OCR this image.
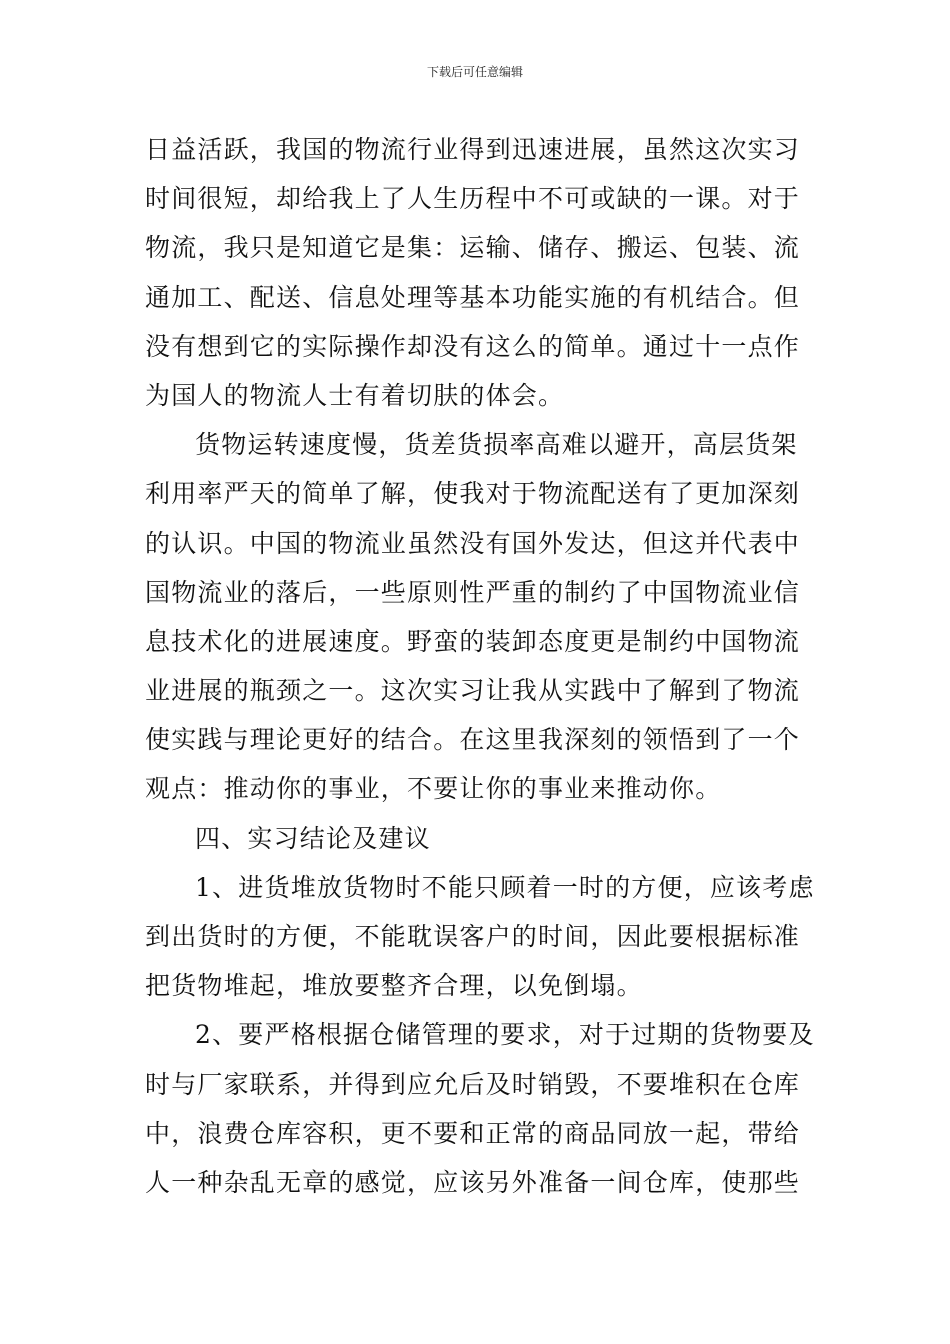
下载后可任意编辑
日益活跃，我国的物流行业得到迅速进展，虽然这次实习
时间很短，却给我上了人生历程中不可或缺的一课。对于
物流，我只是知道它是集：运输、储存、搬运、包装、流
通加工、配送、信息处理等基本功能实施的有机结合。但
没有想到它的实际操作却没有这么的简单。通过十一点作
为国人的物流人士有着切肤的体会。
货物运转速度慢，货差货损率高难以避开，高层货架
利用率严天的简单了解，使我对于物流配送有了更加深刻
的认识。中国的物流业虽然没有国外发达，但这并代表中
国物流业的落后，一些原则性严重的制约了中国物流业信
息技术化的进展速度。野蛮的装卸态度更是制约中国物流
业进展的瓶颈之一。这次实习让我从实践中了解到了物流
使实践与理论更好的结合。在这里我深刻的领悟到了一个
观点：推动你的事业，不要让你的事业来推动你。
四、实习结论及建议
1、进货堆放货物时不能只顾着一时的方便，应该考虑
到出货时的方便，不能耽误客户的时间，因此要根据标准
把货物堆起，堆放要整齐合理，以免倒塌。
2、要严格根据仓储管理的要求，对于过期的货物要及
时与厂家联系，并得到应允后及时销毁，不要堆积在仓库
中，浪费仓库容积，更不要和正常的商品同放一起，带给
人一种杂乱无章的感觉，应该另外准备一间仓库，使那些
